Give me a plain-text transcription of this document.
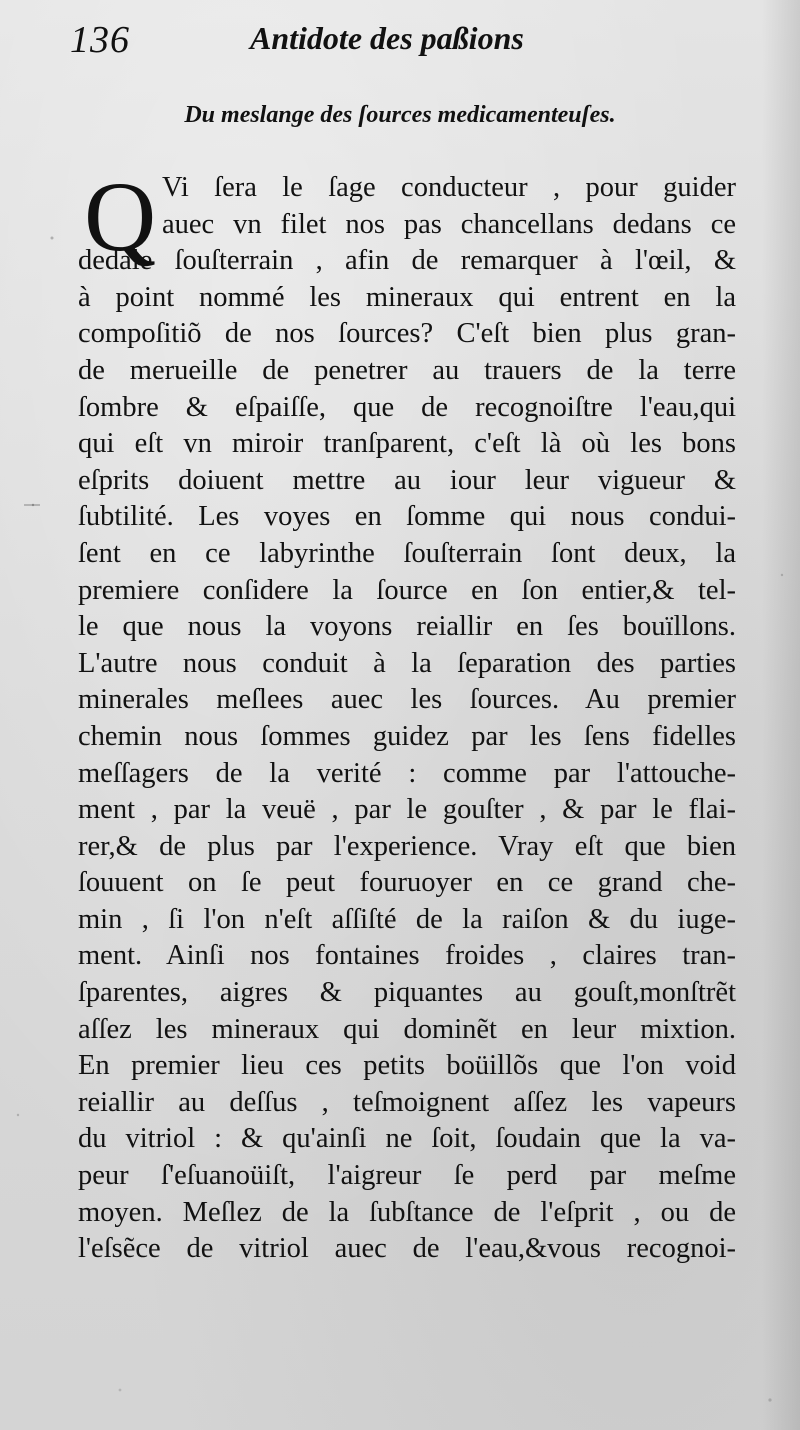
136	Antidote des paßions
Du meslange des ſources medicamenteuſes.
Q Vi ſera le ſage conducteur , pour guider
auec vn filet nos pas chancellans dedans ce
dedale ſouſterrain , afin de remarquer à l'œil, &
à point nommé les mineraux qui entrent en la
compoſitiõ de nos ſources? C'eſt bien plus gran-
de merueille de penetrer au trauers de la terre
ſombre & eſpaiſſe, que de recognoiſtre l'eau,qui
qui eſt vn miroir tranſparent, c'eſt là où les bons
eſprits doiuent mettre au iour leur vigueur &
ſubtilité. Les voyes en ſomme qui nous condui-
ſent en ce labyrinthe ſouſterrain ſont deux, la
premiere conſidere la ſource en ſon entier,& tel-
le que nous la voyons reiallir en ſes bouïllons.
L'autre nous conduit à la ſeparation des parties
minerales meſlees auec les ſources. Au premier
chemin nous ſommes guidez par les ſens fidelles
meſſagers de la verité : comme par l'attouche-
ment , par la veuë , par le gouſter , & par le flai-
rer,& de plus par l'experience. Vray eſt que bien
ſouuent on ſe peut fouruoyer en ce grand che-
min , ſi l'on n'eſt aſſiſté de la raiſon & du iuge-
ment. Ainſi nos fontaines froides , claires tran-
ſparentes, aigres & piquantes au gouſt,monſtrẽt
aſſez les mineraux qui dominẽt en leur mixtion.
En premier lieu ces petits boüillõs que l'on void
reiallir au deſſus , teſmoignent aſſez les vapeurs
du vitriol : & qu'ainſi ne ſoit, ſoudain que la va-
peur ſ'eſuanoüiſt, l'aigreur ſe perd par meſme
moyen. Meſlez de la ſubſtance de l'eſprit , ou de
l'eſsẽce de vitriol auec de l'eau,&vous recognoi-
